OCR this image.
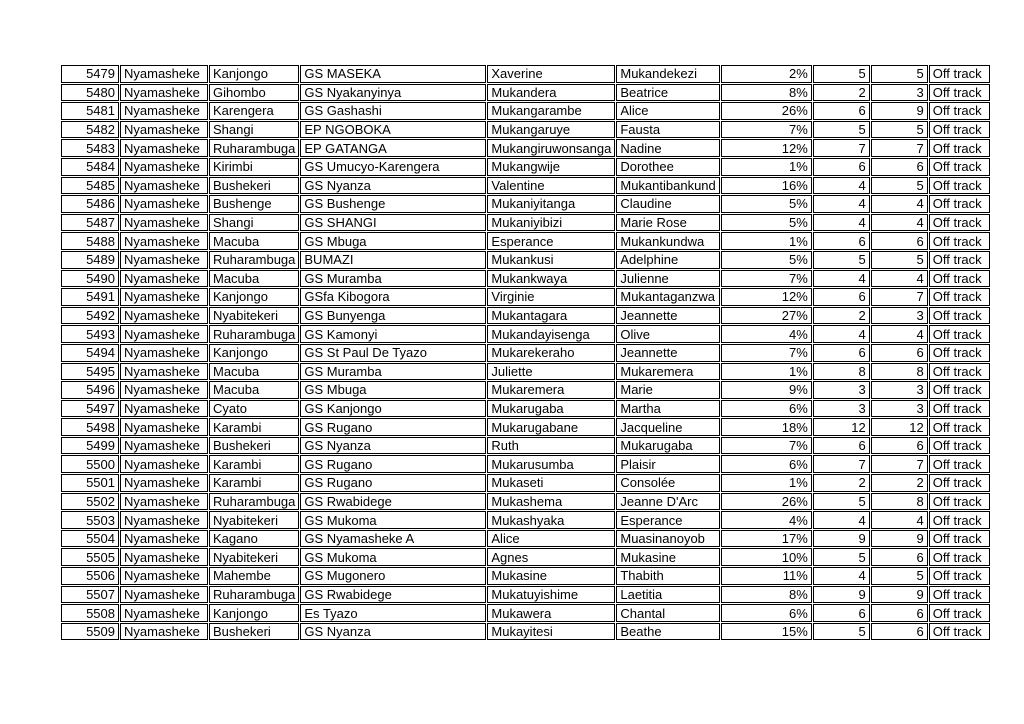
5479	Nyamasheke	Kanjongo	GS MASEKA	Xaverine	Mukandekezi	2%	5	5	Off track
5480	Nyamasheke	Gihombo	GS Nyakanyinya	Mukandera	Beatrice	8%	2	3	Off track
5481	Nyamasheke	Karengera	GS Gashashi	Mukangarambe	Alice	26%	6	9	Off track
5482	Nyamasheke	Shangi	EP NGOBOKA	Mukangaruye	Fausta	7%	5	5	Off track
5483	Nyamasheke	Ruharambuga	EP GATANGA	Mukangiruwonsanga	Nadine	12%	7	7	Off track
5484	Nyamasheke	Kirimbi	GS Umucyo-Karengera	Mukangwije	Dorothee	1%	6	6	Off track
5485	Nyamasheke	Bushekeri	GS Nyanza	Valentine	Mukantibankund	16%	4	5	Off track
5486	Nyamasheke	Bushenge	GS Bushenge	Mukaniyitanga	Claudine	5%	4	4	Off track
5487	Nyamasheke	Shangi	GS SHANGI	Mukaniyibizi	Marie Rose	5%	4	4	Off track
5488	Nyamasheke	Macuba	GS Mbuga	Esperance	Mukankundwa	1%	6	6	Off track
5489	Nyamasheke	Ruharambuga	BUMAZI	Mukankusi	Adelphine	5%	5	5	Off track
5490	Nyamasheke	Macuba	GS Muramba	Mukankwaya	Julienne	7%	4	4	Off track
5491	Nyamasheke	Kanjongo	GSfa Kibogora	Virginie	Mukantaganzwa	12%	6	7	Off track
5492	Nyamasheke	Nyabitekeri	GS Bunyenga	Mukantagara	Jeannette	27%	2	3	Off track
5493	Nyamasheke	Ruharambuga	GS Kamonyi	Mukandayisenga	Olive	4%	4	4	Off track
5494	Nyamasheke	Kanjongo	GS St Paul De Tyazo	Mukarekeraho	Jeannette	7%	6	6	Off track
5495	Nyamasheke	Macuba	GS Muramba	Juliette	Mukaremera	1%	8	8	Off track
5496	Nyamasheke	Macuba	GS Mbuga	Mukaremera	Marie	9%	3	3	Off track
5497	Nyamasheke	Cyato	GS Kanjongo	Mukarugaba	Martha	6%	3	3	Off track
5498	Nyamasheke	Karambi	GS Rugano	Mukarugabane	Jacqueline	18%	12	12	Off track
5499	Nyamasheke	Bushekeri	GS Nyanza	Ruth	Mukarugaba	7%	6	6	Off track
5500	Nyamasheke	Karambi	GS Rugano	Mukarusumba	Plaisir	6%	7	7	Off track
5501	Nyamasheke	Karambi	GS Rugano	Mukaseti	Consolée	1%	2	2	Off track
5502	Nyamasheke	Ruharambuga	GS Rwabidege	Mukashema	Jeanne D'Arc	26%	5	8	Off track
5503	Nyamasheke	Nyabitekeri	GS Mukoma	Mukashyaka	Esperance	4%	4	4	Off track
5504	Nyamasheke	Kagano	GS Nyamasheke A	Alice	Muasinanoyob	17%	9	9	Off track
5505	Nyamasheke	Nyabitekeri	GS Mukoma	Agnes	Mukasine	10%	5	6	Off track
5506	Nyamasheke	Mahembe	GS Mugonero	Mukasine	Thabith	11%	4	5	Off track
5507	Nyamasheke	Ruharambuga	GS Rwabidege	Mukatuyishime	Laetitia	8%	9	9	Off track
5508	Nyamasheke	Kanjongo	Es Tyazo	Mukawera	Chantal	6%	6	6	Off track
5509	Nyamasheke	Bushekeri	GS Nyanza	Mukayitesi	Beathe	15%	5	6	Off track
